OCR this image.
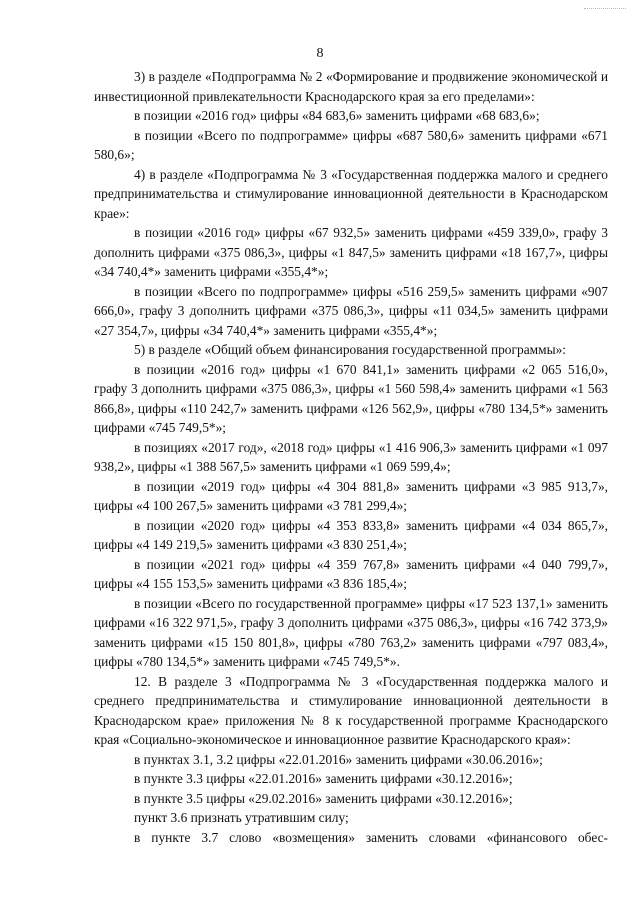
8

3) в разделе «Подпрограмма № 2 «Формирование и продвижение экономической и инвестиционной привлекательности Краснодарского края за его пределами»:

в позиции «2016 год» цифры «84 683,6» заменить цифрами «68 683,6»;

в позиции «Всего по подпрограмме» цифры «687 580,6» заменить цифрами «671 580,6»;

4) в разделе «Подпрограмма № 3 «Государственная поддержка малого и среднего предпринимательства и стимулирование инновационной деятельности в Краснодарском крае»:

в позиции «2016 год» цифры «67 932,5» заменить цифрами «459 339,0», графу 3 дополнить цифрами «375 086,3», цифры «1 847,5» заменить цифрами «18 167,7», цифры «34 740,4*» заменить цифрами «355,4*»;

в позиции «Всего по подпрограмме» цифры «516 259,5» заменить цифрами «907 666,0», графу 3 дополнить цифрами «375 086,3», цифры «11 034,5» заменить цифрами «27 354,7», цифры «34 740,4*» заменить цифрами «355,4*»;

5) в разделе «Общий объем финансирования государственной программы»:

в позиции «2016 год» цифры «1 670 841,1» заменить цифрами «2 065 516,0», графу 3 дополнить цифрами «375 086,3», цифры «1 560 598,4» заменить цифрами «1 563 866,8», цифры «110 242,7» заменить цифрами «126 562,9», цифры «780 134,5*» заменить цифрами «745 749,5*»;

в позициях «2017 год», «2018 год» цифры «1 416 906,3» заменить цифрами «1 097 938,2», цифры «1 388 567,5» заменить цифрами «1 069 599,4»;

в позиции «2019 год» цифры «4 304 881,8» заменить цифрами «3 985 913,7», цифры «4 100 267,5» заменить цифрами «3 781 299,4»;

в позиции «2020 год» цифры «4 353 833,8» заменить цифрами «4 034 865,7», цифры «4 149 219,5» заменить цифрами «3 830 251,4»;

в позиции «2021 год» цифры «4 359 767,8» заменить цифрами «4 040 799,7», цифры «4 155 153,5» заменить цифрами «3 836 185,4»;

в позиции «Всего по государственной программе» цифры «17 523 137,1» заменить цифрами «16 322 971,5», графу 3 дополнить цифрами «375 086,3», цифры «16 742 373,9» заменить цифрами «15 150 801,8», цифры «780 763,2» заменить цифрами «797 083,4», цифры «780 134,5*» заменить цифрами «745 749,5*».

12. В разделе 3 «Подпрограмма № 3 «Государственная поддержка малого и среднего предпринимательства и стимулирование инновационной деятельности в Краснодарском крае» приложения № 8 к государственной программе Краснодарского края «Социально-экономическое и инновационное развитие Краснодарского края»:

в пунктах 3.1, 3.2 цифры «22.01.2016» заменить цифрами «30.06.2016»;

в пункте 3.3 цифры «22.01.2016» заменить цифрами «30.12.2016»;

в пункте 3.5 цифры «29.02.2016» заменить цифрами «30.12.2016»;

пункт 3.6 признать утратившим силу;

в пункте 3.7 слово «возмещения» заменить словами «финансового обес-
